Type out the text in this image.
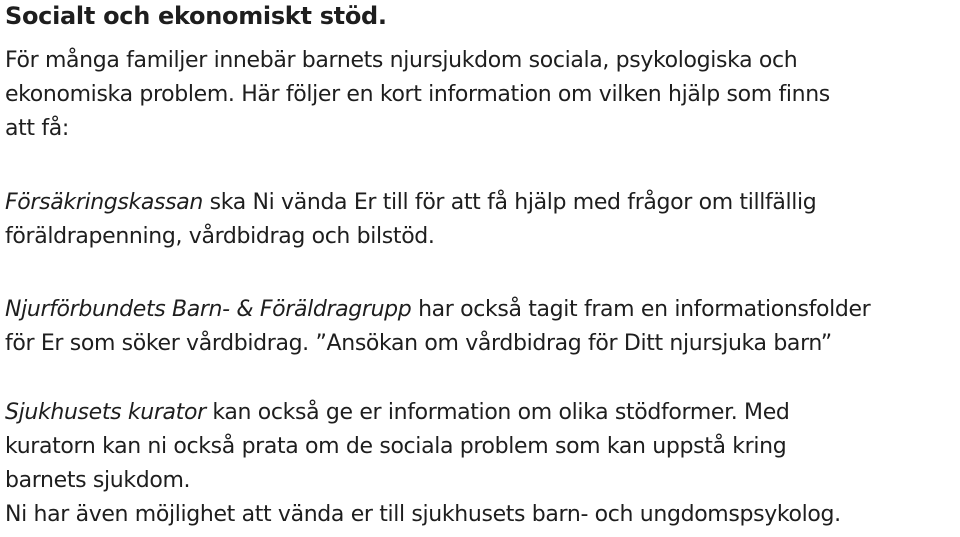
Socialt och ekonomiskt stöd.

För många familjer innebär barnets njursjukdom sociala, psykologiska och
ekonomiska problem. Här följer en kort information om vilken hjälp som finns
att få:

Försäkringskassan ska Ni vända Er till för att få hjälp med frågor om tillfällig
föräldrapenning, vårdbidrag och bilstöd.

Njurförbundets Barn- & Föräldragrupp har också tagit fram en informationsfolder
för Er som söker vårdbidrag. ”Ansökan om vårdbidrag för Ditt njursjuka barn”

Sjukhusets kurator kan också ge er information om olika stödformer. Med
kuratorn kan ni också prata om de sociala problem som kan uppstå kring
barnets sjukdom.
Ni har även möjlighet att vända er till sjukhusets barn- och ungdomspsykolog.
